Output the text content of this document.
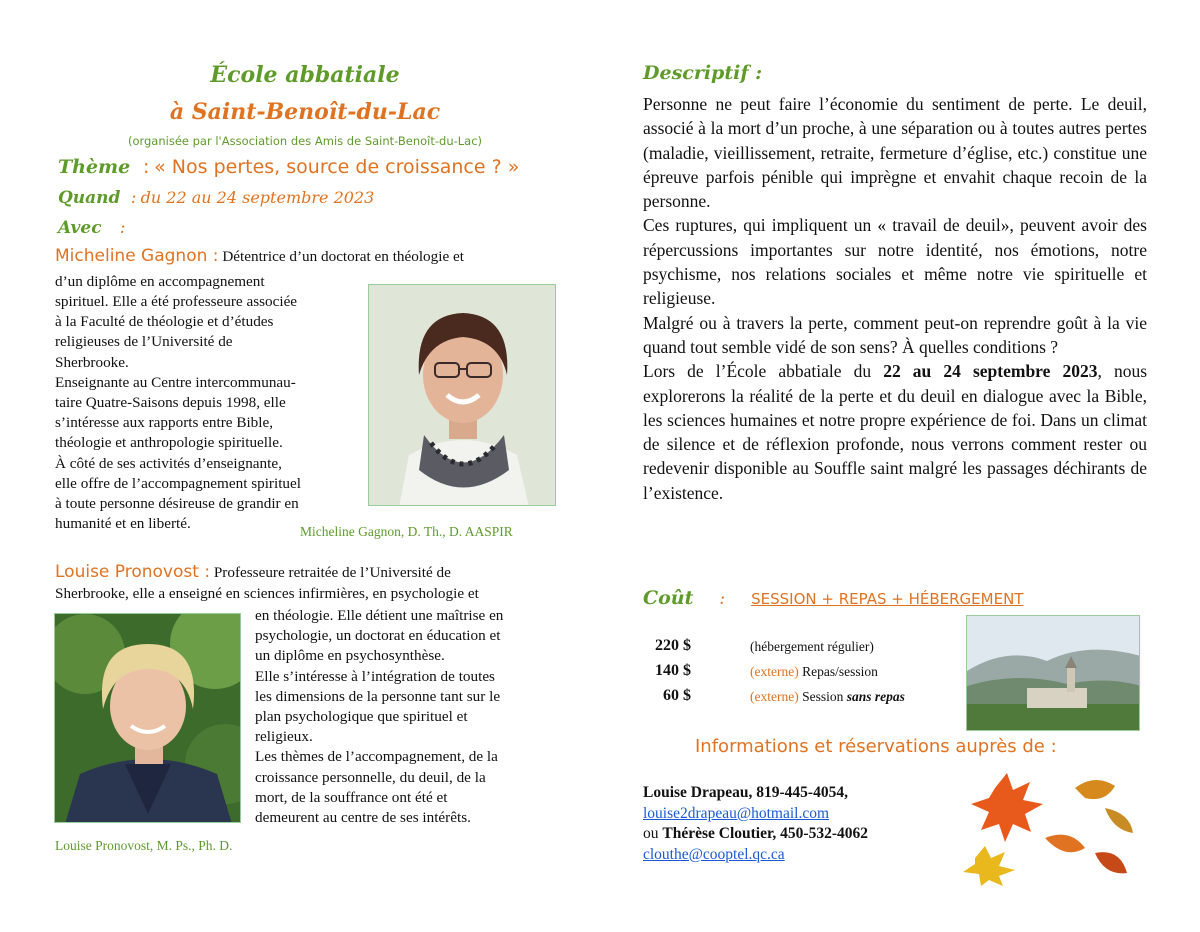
École abbatiale
à Saint-Benoît-du-Lac
(organisée par l'Association des Amis de Saint-Benoît-du-Lac)
Thème : « Nos pertes, source de croissance ? »
Quand : du 22 au 24 septembre 2023
Avec :
Micheline Gagnon : Détentrice d’un doctorat en théologie et
d’un diplôme en accompagnement
spirituel. Elle a été professeure associée
à la Faculté de théologie et d’études
religieuses de l’Université de
Sherbrooke.
Enseignante au Centre intercommunau-
taire Quatre-Saisons depuis 1998, elle
s’intéresse aux rapports entre Bible,
théologie et anthropologie spirituelle.
À côté de ses activités d’enseignante,
elle offre de l’accompagnement spirituel
à toute personne désireuse de grandir en
humanité et en liberté.	Micheline Gagnon, D. Th., D. AASPIR
Louise Pronovost : Professeure retraitée de l’Université de
Sherbrooke, elle a enseigné en sciences infirmières, en psychologie et
en théologie. Elle détient une maîtrise en
psychologie, un doctorat en éducation et
un diplôme en psychosynthèse.
Elle s’intéresse à l’intégration de toutes
les dimensions de la personne tant sur le
plan psychologique que spirituel et
religieux.
Les thèmes de l’accompagnement, de la
croissance personnelle, du deuil, de la
mort, de la souffrance ont été et
demeurent au centre de ses intérêts.
Louise Pronovost, M. Ps., Ph. D.
Descriptif :
Personne ne peut faire l’économie du sentiment de perte. Le deuil, associé à la mort d’un proche, à une séparation ou à toutes autres pertes (maladie, vieillissement, retraite, fermeture d’église, etc.) constitue une épreuve parfois pénible qui imprègne et envahit chaque recoin de la personne.
Ces ruptures, qui impliquent un « travail de deuil», peuvent avoir des répercussions importantes sur notre identité, nos émotions, notre psychisme, nos relations sociales et même notre vie spirituelle et religieuse.
Malgré ou à travers la perte, comment peut-on reprendre goût à la vie quand tout semble vidé de son sens? À quelles conditions ?
Lors de l’École abbatiale du 22 au 24 septembre 2023, nous explorerons la réalité de la perte et du deuil en dialogue avec la Bible, les sciences humaines et notre propre expérience de foi. Dans un climat de silence et de réflexion profonde, nous verrons comment rester ou redevenir disponible au Souffle saint malgré les passages déchirants de l’existence.
Coût : SESSION + REPAS + HÉBERGEMENT
220 $	(hébergement régulier)
140 $	(externe) Repas/session
60 $	(externe) Session sans repas
Informations et réservations auprès de :
Louise Drapeau, 819-445-4054,
louise2drapeau@hotmail.com
ou Thérèse Cloutier, 450-532-4062
clouthe@cooptel.qc.ca
